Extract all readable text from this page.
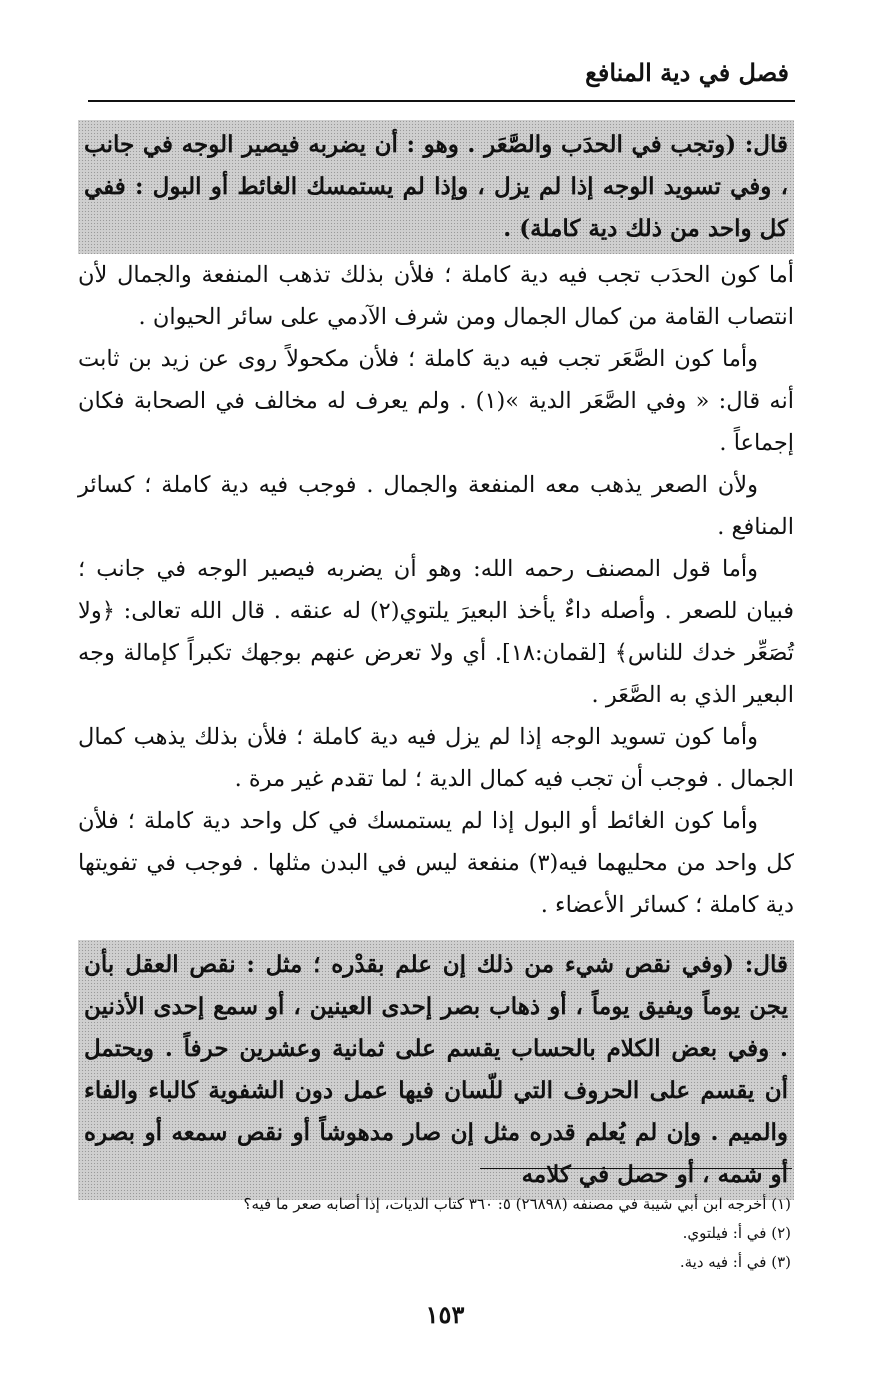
فصل في دية المنافع

قال: (وتجب في الحدَب والصَّعَر . وهو : أن يضربه فيصير الوجه في جانب ، وفي تسويد الوجه إذا لم يزل ، وإذا لم يستمسك الغائط أو البول : ففي كل واحد من ذلك دية كاملة) .

أما كون الحدَب تجب فيه دية كاملة ؛ فلأن بذلك تذهب المنفعة والجمال لأن انتصاب القامة من كمال الجمال ومن شرف الآدمي على سائر الحيوان .

وأما كون الصَّعَر تجب فيه دية كاملة ؛ فلأن مكحولاً روى عن زيد بن ثابت أنه قال: « وفي الصَّعَر الدية »(١) . ولم يعرف له مخالف في الصحابة فكان إجماعاً .

ولأن الصعر يذهب معه المنفعة والجمال . فوجب فيه دية كاملة ؛ كسائر المنافع .

وأما قول المصنف رحمه الله: وهو أن يضربه فيصير الوجه في جانب ؛ فبيان للصعر . وأصله داءٌ يأخذ البعيرَ يلتوي(٢) له عنقه . قال الله تعالى: ﴿ولا تُصَعِّر خدك للناس﴾ [لقمان:١٨]. أي ولا تعرض عنهم بوجهك تكبراً كإمالة وجه البعير الذي به الصَّعَر .

وأما كون تسويد الوجه إذا لم يزل فيه دية كاملة ؛ فلأن بذلك يذهب كمال الجمال . فوجب أن تجب فيه كمال الدية ؛ لما تقدم غير مرة .

وأما كون الغائط أو البول إذا لم يستمسك في كل واحد دية كاملة ؛ فلأن كل واحد من محليهما فيه(٣) منفعة ليس في البدن مثلها . فوجب في تفويتها دية كاملة ؛ كسائر الأعضاء .

قال: (وفي نقص شيء من ذلك إن علم بقدْره ؛ مثل : نقص العقل بأن يجن يوماً ويفيق يوماً ، أو ذهاب بصر إحدى العينين ، أو سمع إحدى الأذنين . وفي بعض الكلام بالحساب يقسم على ثمانية وعشرين حرفاً . ويحتمل أن يقسم على الحروف التي للّسان فيها عمل دون الشفوية كالباء والفاء والميم . وإن لم يُعلم قدره مثل إن صار مدهوشاً أو نقص سمعه أو بصره أو شمه ، أو حصل في كلامه

(١) أخرجه ابن أبي شيبة في مصنفه (٢٦٨٩٨) ٥: ٣٦٠ كتاب الديات، إذا أصابه صعر ما فيه؟

(٢) في أ: فيلتوي.

(٣) في أ: فيه دية.

١٥٣
